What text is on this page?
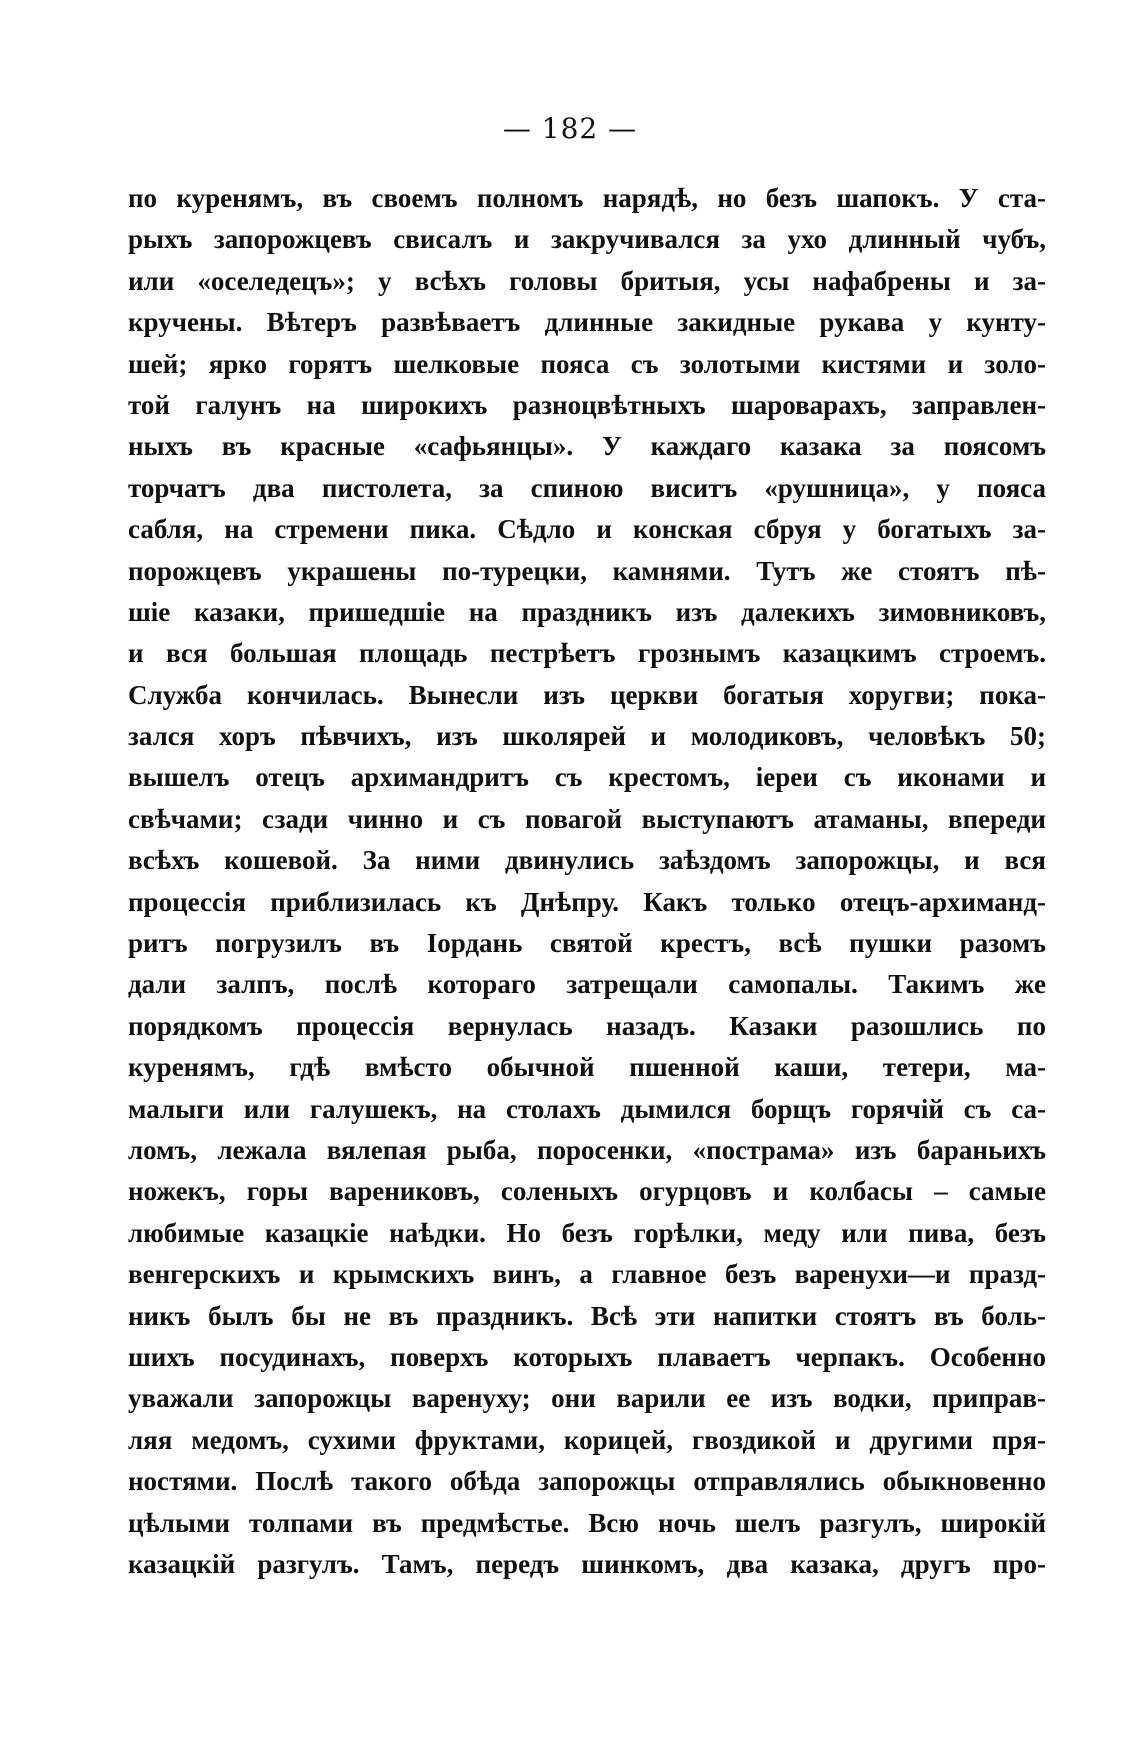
— 182 —
по куренямъ, въ своемъ полномъ нарядѣ, но безъ шапокъ. У ста-
рыхъ запорожцевъ свисалъ и закручивался за ухо длинный чубъ,
или «оселедецъ»; у всѣхъ головы бритыя, усы нафабрены и за-
кручены. Вѣтеръ развѣваетъ длинные закидные рукава у кунту-
шей; ярко горятъ шелковые пояса съ золотыми кистями и золо-
той галунъ на широкихъ разноцвѣтныхъ шароварахъ, заправлен-
ныхъ въ красные «сафьянцы». У каждаго казака за поясомъ
торчатъ два пистолета, за спиною виситъ «рушница», у пояса
сабля, на стремени пика. Сѣдло и конская сбруя у богатыхъ за-
порожцевъ украшены по-турецки, камнями. Тутъ же стоятъ пѣ-
шіе казаки, пришедшіе на праздникъ изъ далекихъ зимовниковъ,
и вся большая площадь пестрѣетъ грознымъ казацкимъ строемъ.
Служба кончилась. Вынесли изъ церкви богатыя хоругви; пока-
зался хоръ пѣвчихъ, изъ школярей и молодиковъ, человѣкъ 50;
вышелъ отецъ архимандритъ съ крестомъ, іереи съ иконами и
свѣчами; сзади чинно и съ повагой выступаютъ атаманы, впереди
всѣхъ кошевой. За ними двинулись заѣздомъ запорожцы, и вся
процессія приблизилась къ Днѣпру. Какъ только отецъ-архиманд-
ритъ погрузилъ въ Іордань святой крестъ, всѣ пушки разомъ
дали залпъ, послѣ котораго затрещали самопалы. Такимъ же
порядкомъ процессія вернулась назадъ. Казаки разошлись по
куренямъ, гдѣ вмѣсто обычной пшенной каши, тетери, ма-
малыги или галушекъ, на столахъ дымился борщъ горячій съ са-
ломъ, лежала вялепая рыба, поросенки, «пострама» изъ бараньихъ
ножекъ, горы варениковъ, соленыхъ огурцовъ и колбасы – самые
любимые казацкіе наѣдки. Но безъ горѣлки, меду или пива, безъ
венгерскихъ и крымскихъ винъ, а главное безъ варенухи—и празд-
никъ былъ бы не въ праздникъ. Всѣ эти напитки стоятъ въ боль-
шихъ посудинахъ, поверхъ которыхъ плаваетъ черпакъ. Особенно
уважали запорожцы варенуху; они варили ее изъ водки, приправ-
ляя медомъ, сухими фруктами, корицей, гвоздикой и другими пря-
ностями. Послѣ такого обѣда запорожцы отправлялись обыкновенно
цѣлыми толпами въ предмѣстье. Всю ночь шелъ разгулъ, широкій
казацкій разгулъ. Тамъ, передъ шинкомъ, два казака, другъ про-
